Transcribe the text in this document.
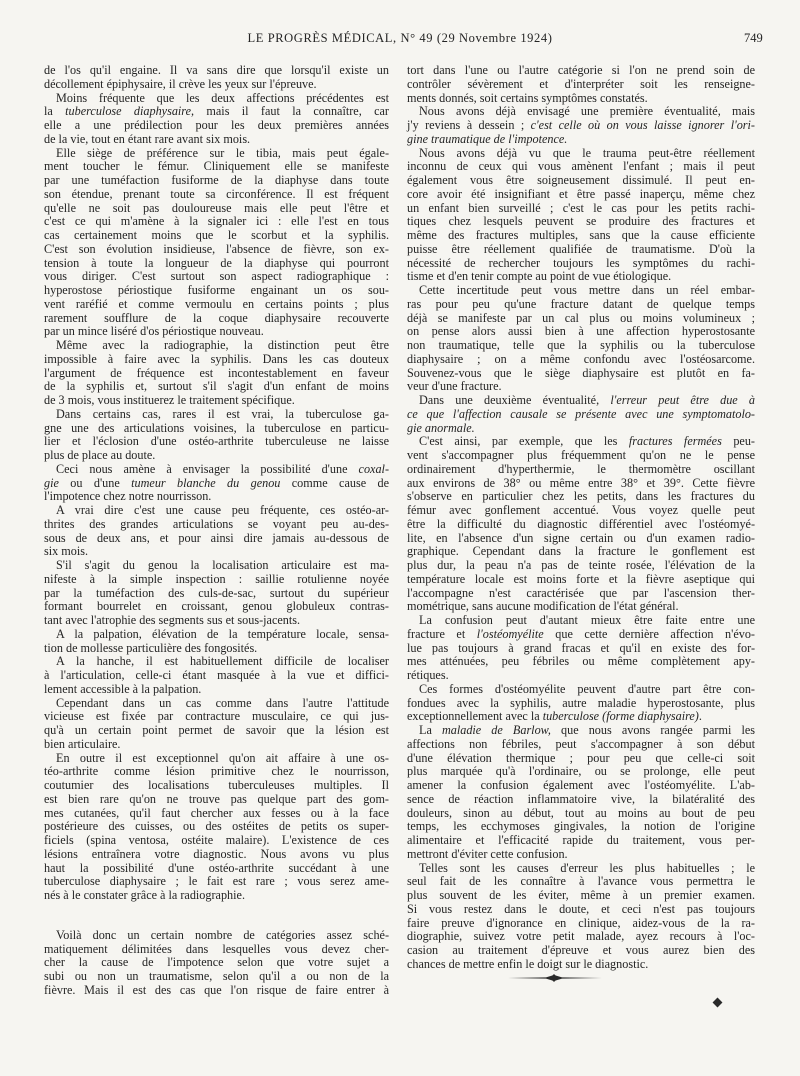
LE PROGRÈS MÉDICAL, N° 49 (29 Novembre 1924)	749
de l'os qu'il engaine. Il va sans dire que lorsqu'il existe un
décollement épiphysaire, il crève les yeux sur l'épreuve.
Moins fréquente que les deux affections précédentes est
la tuberculose diaphysaire, mais il faut la connaître, car
elle a une prédilection pour les deux premières années
de la vie, tout en étant rare avant six mois.
Elle siège de préférence sur le tibia, mais peut égale-
ment toucher le fémur. Cliniquement elle se manifeste
par une tuméfaction fusiforme de la diaphyse dans toute
son étendue, prenant toute sa circonférence. Il est fréquent
qu'elle ne soit pas douloureuse mais elle peut l'être et
c'est ce qui m'amène à la signaler ici : elle l'est en tous
cas certainement moins que le scorbut et la syphilis.
C'est son évolution insidieuse, l'absence de fièvre, son ex-
tension à toute la longueur de la diaphyse qui pourront
vous diriger. C'est surtout son aspect radiographique :
hyperostose périostique fusiforme engainant un os sou-
vent raréfié et comme vermoulu en certains points ; plus
rarement soufflure de la coque diaphysaire recouverte
par un mince liséré d'os périostique nouveau.
Même avec la radiographie, la distinction peut être
impossible à faire avec la syphilis. Dans les cas douteux
l'argument de fréquence est incontestablement en faveur
de la syphilis et, surtout s'il s'agit d'un enfant de moins
de 3 mois, vous instituerez le traitement spécifique.
Dans certains cas, rares il est vrai, la tuberculose ga-
gne une des articulations voisines, la tuberculose en particu-
lier et l'éclosion d'une ostéo-arthrite tuberculeuse ne laisse
plus de place au doute.
Ceci nous amène à envisager la possibilité d'une coxal-
gie ou d'une tumeur blanche du genou comme cause de
l'impotence chez notre nourrisson.
A vrai dire c'est une cause peu fréquente, ces ostéo-ar-
thrites des grandes articulations se voyant peu au-des-
sous de deux ans, et pour ainsi dire jamais au-dessous de
six mois.
S'il s'agit du genou la localisation articulaire est ma-
nifeste à la simple inspection : saillie rotulienne noyée
par la tuméfaction des culs-de-sac, surtout du supérieur
formant bourrelet en croissant, genou globuleux contras-
tant avec l'atrophie des segments sus et sous-jacents.
A la palpation, élévation de la température locale, sensa-
tion de mollesse particulière des fongosités.
A la hanche, il est habituellement difficile de localiser
à l'articulation, celle-ci étant masquée à la vue et diffici-
lement accessible à la palpation.
Cependant dans un cas comme dans l'autre l'attitude
vicieuse est fixée par contracture musculaire, ce qui jus-
qu'à un certain point permet de savoir que la lésion est
bien articulaire.
En outre il est exceptionnel qu'on ait affaire à une os-
téo-arthrite comme lésion primitive chez le nourrisson,
coutumier des localisations tuberculeuses multiples. Il
est bien rare qu'on ne trouve pas quelque part des gom-
mes cutanées, qu'il faut chercher aux fesses ou à la face
postérieure des cuisses, ou des ostéites de petits os super-
ficiels (spina ventosa, ostéite malaire). L'existence de ces
lésions entraînera votre diagnostic. Nous avons vu plus
haut la possibilité d'une ostéo-arthrite succédant à une
tuberculose diaphysaire ; le fait est rare ; vous serez ame-
nés à le constater grâce à la radiographie.
Voilà donc un certain nombre de catégories assez sché-
matiquement délimitées dans lesquelles vous devez cher-
cher la cause de l'impotence selon que votre sujet a
subi ou non un traumatisme, selon qu'il a ou non de la
fièvre. Mais il est des cas que l'on risque de faire entrer à
tort dans l'une ou l'autre catégorie si l'on ne prend soin de
contrôler sévèrement et d'interpréter soit les renseigne-
ments donnés, soit certains symptômes constatés.
Nous avons déjà envisagé une première éventualité, mais
j'y reviens à dessein ; c'est celle où on vous laisse ignorer l'ori-
gine traumatique de l'impotence.
Nous avons déjà vu que le trauma peut-être réellement
inconnu de ceux qui vous amènent l'enfant ; mais il peut
également vous être soigneusement dissimulé. Il peut en-
core avoir été insignifiant et être passé inaperçu, même chez
un enfant bien surveillé ; c'est le cas pour les petits rachi-
tiques chez lesquels peuvent se produire des fractures et
même des fractures multiples, sans que la cause efficiente
puisse être réellement qualifiée de traumatisme. D'où la
nécessité de rechercher toujours les symptômes du rachi-
tisme et d'en tenir compte au point de vue étiologique.
Cette incertitude peut vous mettre dans un réel embar-
ras pour peu qu'une fracture datant de quelque temps
déjà se manifeste par un cal plus ou moins volumineux ;
on pense alors aussi bien à une affection hyperostosante
non traumatique, telle que la syphilis ou la tuberculose
diaphysaire ; on a même confondu avec l'ostéosarcome.
Souvenez-vous que le siège diaphysaire est plutôt en fa-
veur d'une fracture.
Dans une deuxième éventualité, l'erreur peut être due à
ce que l'affection causale se présente avec une symptomatolo-
gie anormale.
C'est ainsi, par exemple, que les fractures fermées peu-
vent s'accompagner plus fréquemment qu'on ne le pense
ordinairement d'hyperthermie, le thermomètre oscillant
aux environs de 38° ou même entre 38° et 39°. Cette fièvre
s'observe en particulier chez les petits, dans les fractures du
fémur avec gonflement accentué. Vous voyez quelle peut
être la difficulté du diagnostic différentiel avec l'ostéomyé-
lite, en l'absence d'un signe certain ou d'un examen radio-
graphique. Cependant dans la fracture le gonflement est
plus dur, la peau n'a pas de teinte rosée, l'élévation de la
température locale est moins forte et la fièvre aseptique qui
l'accompagne n'est caractérisée que par l'ascension ther-
mométrique, sans aucune modification de l'état général.
La confusion peut d'autant mieux être faite entre une
fracture et l'ostéomyélite que cette dernière affection n'évo-
lue pas toujours à grand fracas et qu'il en existe des for-
mes atténuées, peu fébriles ou même complètement apy-
rétiques.
Ces formes d'ostéomyélite peuvent d'autre part être con-
fondues avec la syphilis, autre maladie hyperostosante, plus
exceptionnellement avec la tuberculose (forme diaphysaire).
La maladie de Barlow, que nous avons rangée parmi les
affections non fébriles, peut s'accompagner à son début
d'une élévation thermique ; pour peu que celle-ci soit
plus marquée qu'à l'ordinaire, ou se prolonge, elle peut
amener la confusion également avec l'ostéomyélite. L'ab-
sence de réaction inflammatoire vive, la bilatéralité des
douleurs, sinon au début, tout au moins au bout de peu
temps, les ecchymoses gingivales, la notion de l'origine
alimentaire et l'efficacité rapide du traitement, vous per-
mettront d'éviter cette confusion.
Telles sont les causes d'erreur les plus habituelles ; le
seul fait de les connaître à l'avance vous permettra le
plus souvent de les éviter, même à un premier examen.
Si vous restez dans le doute, et ceci n'est pas toujours
faire preuve d'ignorance en clinique, aidez-vous de la ra-
diographie, suivez votre petit malade, ayez recours à l'oc-
casion au traitement d'épreuve et vous aurez bien des
chances de mettre enfin le doigt sur le diagnostic.
